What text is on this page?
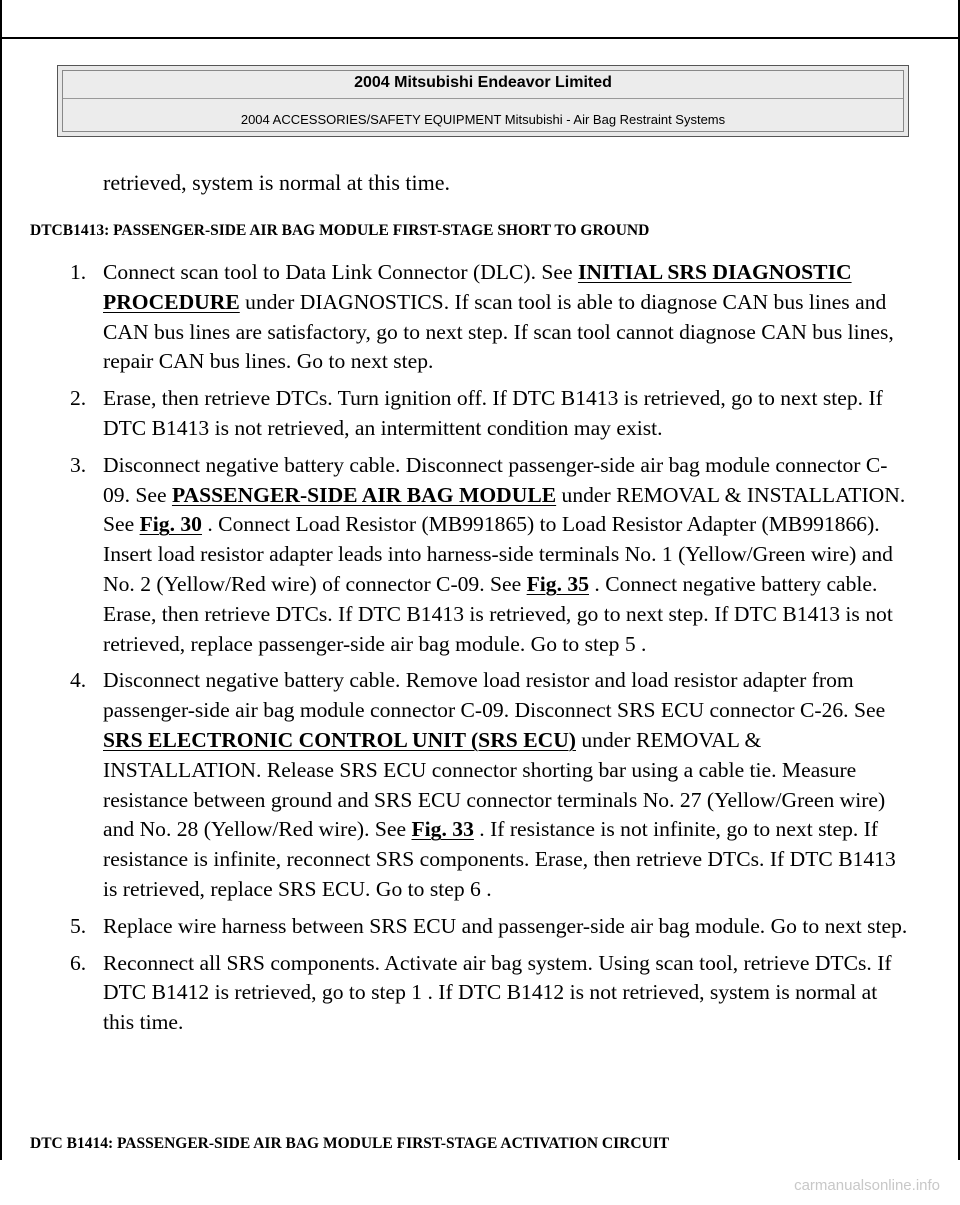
2004 Mitsubishi Endeavor Limited
2004 ACCESSORIES/SAFETY EQUIPMENT Mitsubishi - Air Bag Restraint Systems
retrieved, system is normal at this time.
DTCB1413: PASSENGER-SIDE AIR BAG MODULE FIRST-STAGE SHORT TO GROUND
1. Connect scan tool to Data Link Connector (DLC). See INITIAL SRS DIAGNOSTIC PROCEDURE under DIAGNOSTICS. If scan tool is able to diagnose CAN bus lines and CAN bus lines are satisfactory, go to next step. If scan tool cannot diagnose CAN bus lines, repair CAN bus lines. Go to next step.
2. Erase, then retrieve DTCs. Turn ignition off. If DTC B1413 is retrieved, go to next step. If DTC B1413 is not retrieved, an intermittent condition may exist.
3. Disconnect negative battery cable. Disconnect passenger-side air bag module connector C-09. See PASSENGER-SIDE AIR BAG MODULE under REMOVAL & INSTALLATION. See Fig. 30 . Connect Load Resistor (MB991865) to Load Resistor Adapter (MB991866). Insert load resistor adapter leads into harness-side terminals No. 1 (Yellow/Green wire) and No. 2 (Yellow/Red wire) of connector C-09. See Fig. 35 . Connect negative battery cable. Erase, then retrieve DTCs. If DTC B1413 is retrieved, go to next step. If DTC B1413 is not retrieved, replace passenger-side air bag module. Go to step 5 .
4. Disconnect negative battery cable. Remove load resistor and load resistor adapter from passenger-side air bag module connector C-09. Disconnect SRS ECU connector C-26. See SRS ELECTRONIC CONTROL UNIT (SRS ECU) under REMOVAL & INSTALLATION. Release SRS ECU connector shorting bar using a cable tie. Measure resistance between ground and SRS ECU connector terminals No. 27 (Yellow/Green wire) and No. 28 (Yellow/Red wire). See Fig. 33 . If resistance is not infinite, go to next step. If resistance is infinite, reconnect SRS components. Erase, then retrieve DTCs. If DTC B1413 is retrieved, replace SRS ECU. Go to step 6 .
5. Replace wire harness between SRS ECU and passenger-side air bag module. Go to next step.
6. Reconnect all SRS components. Activate air bag system. Using scan tool, retrieve DTCs. If DTC B1412 is retrieved, go to step 1 . If DTC B1412 is not retrieved, system is normal at this time.
DTC B1414: PASSENGER-SIDE AIR BAG MODULE FIRST-STAGE ACTIVATION CIRCUIT
carmanualsonline.info
